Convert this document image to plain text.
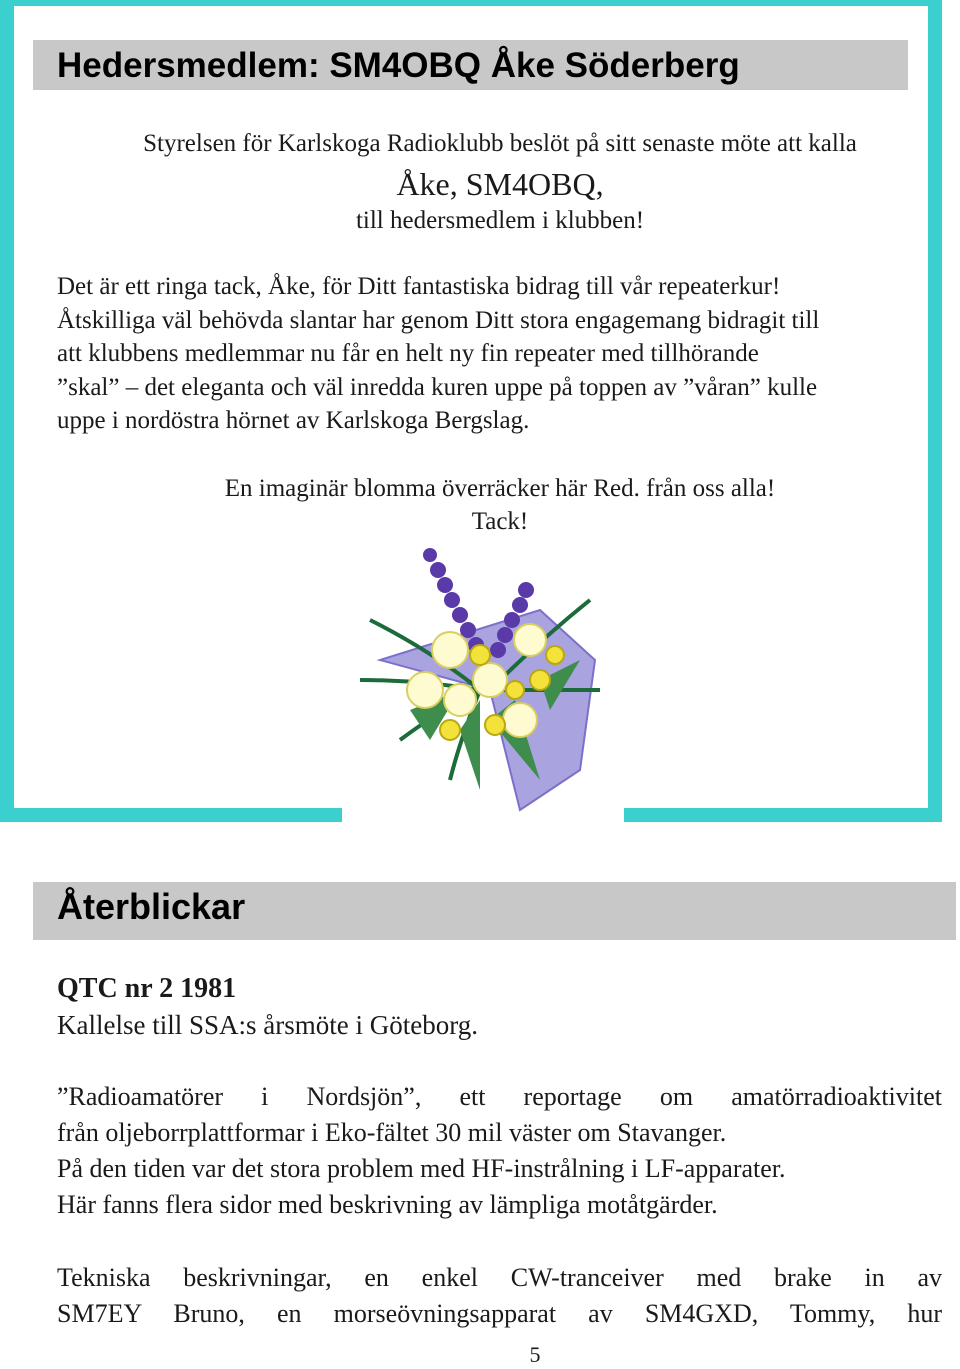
Hedersmedlem: SM4OBQ Åke Söderberg
Styrelsen för Karlskoga Radioklubb beslöt på sitt senaste möte att kalla
Åke, SM4OBQ,
till hedersmedlem i klubben!
Det är ett ringa tack, Åke, för Ditt fantastiska bidrag till vår repeaterkur!
Åtskilliga väl behövda slantar har genom Ditt stora engagemang bidragit till
att klubbens medlemmar nu får en helt ny fin repeater med tillhörande
”skal” – det eleganta och väl inredda kuren uppe på toppen av ”våran” kulle
uppe i nordöstra hörnet av Karlskoga Bergslag.
En imaginär blomma överräcker här Red. från oss alla!
Tack!
Återblickar
QTC nr 2 1981
Kallelse till SSA:s årsmöte i Göteborg.
”Radioamatörer i Nordsjön”, ett reportage om amatörradioaktivitet
från oljeborrplattformar i Eko-fältet 30 mil väster om Stavanger.
På den tiden var det stora problem med HF-instrålning i LF-apparater.
Här fanns flera sidor med beskrivning av lämpliga motåtgärder.
Tekniska beskrivningar, en enkel CW-tranceiver med brake in av
SM7EY Bruno, en morseövningsapparat av SM4GXD, Tommy, hur
5
